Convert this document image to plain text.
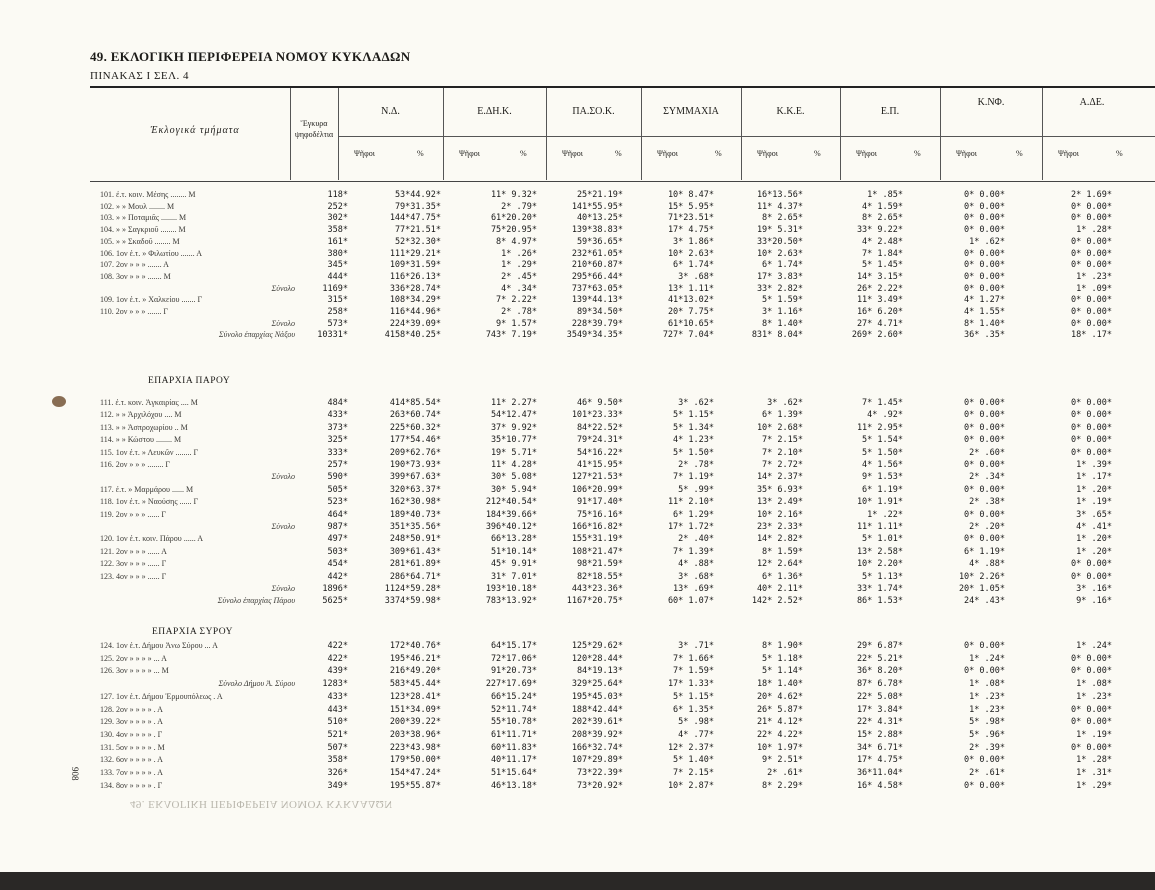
49. ΕΚΛΟΓΙΚΗ ΠΕΡΙΦΕΡΕΙΑ ΝΟΜΟΥ ΚΥΚΛΑΔΩΝ
ΠΙΝΑΚΑΣ Ι ΣΕΛ. 4
Ἐκλογικά τμήματα
Ἔγκυρα ψηφοδέλτια
Ν.Δ.	Ε.ΔΗ.Κ.	ΠΑ.ΣΟ.Κ.	ΣΥΜΜΑΧΙΑ	Κ.Κ.Ε.	Ε.Π.
Κ.ΝΦ.	Α.ΔΕ.
Ψῆφοι	%	Ψῆφοι	%	Ψῆφοι	%	Ψῆφοι	%	Ψῆφοι	%	Ψῆφοι	%	Ψῆφοι	%	Ψῆφοι	%
ΕΠΑΡΧΙΑ ΠΑΡΟΥ
ΕΠΑΡΧΙΑ ΣΥΡΟΥ
101. ἐ.τ. κοιν. Μέσης ........ Μ	118*	53*44.92*	11* 9.32*	25*21.19*	10* 8.47*	16*13.56*	1* .85*	0* 0.00*	2* 1.69*
102. » » Μουλ ........ Μ	252*	79*31.35*	2* .79*	141*55.95*	15* 5.95*	11* 4.37*	4* 1.59*	0* 0.00*	0* 0.00*
103. » » Ποταμιᾶς ........ Μ	302*	144*47.75*	61*20.20*	40*13.25*	71*23.51*	8* 2.65*	8* 2.65*	0* 0.00*	0* 0.00*
104. » » Σαγκριοῦ ........ Μ	358*	77*21.51*	75*20.95*	139*38.83*	17* 4.75*	19* 5.31*	33* 9.22*	0* 0.00*	1* .28*
105. » » Σκαδοῦ ........ Μ	161*	52*32.30*	8* 4.97*	59*36.65*	3* 1.86*	33*20.50*	4* 2.48*	1* .62*	0* 0.00*
106. 1ον ἐ.τ. » Φιλωτίου ....... Α	380*	111*29.21*	1* .26*	232*61.05*	10* 2.63*	10* 2.63*	7* 1.84*	0* 0.00*	0* 0.00*
107. 2ον » » » ....... Α	345*	109*31.59*	1* .29*	210*60.87*	6* 1.74*	6* 1.74*	5* 1.45*	0* 0.00*	0* 0.00*
108. 3ον » » » ....... Μ	444*	116*26.13*	2* .45*	295*66.44*	3* .68*	17* 3.83*	14* 3.15*	0* 0.00*	1* .23*
Σύνολο	1169*	336*28.74*	4* .34*	737*63.05*	13* 1.11*	33* 2.82*	26* 2.22*	0* 0.00*	1* .09*
109. 1ον ἐ.τ. » Χαλκείου ....... Γ	315*	108*34.29*	7* 2.22*	139*44.13*	41*13.02*	5* 1.59*	11* 3.49*	4* 1.27*	0* 0.00*
110. 2ον » » » ....... Γ	258*	116*44.96*	2* .78*	89*34.50*	20* 7.75*	3* 1.16*	16* 6.20*	4* 1.55*	0* 0.00*
Σύνολο	573*	224*39.09*	9* 1.57*	228*39.79*	61*10.65*	8* 1.40*	27* 4.71*	8* 1.40*	0* 0.00*
Σύνολο ἐπαρχίας Νάξου	10331*	4158*40.25*	743* 7.19*	3549*34.35*	727* 7.04*	831* 8.04*	269* 2.60*	36* .35*	18* .17*
111. ἐ.τ. κοιν. Ἀγκαιρίας .... Μ	484*	414*85.54*	11* 2.27*	46* 9.50*	3* .62*	3* .62*	7* 1.45*	0* 0.00*	0* 0.00*
112. » » Ἀρχιλόχου .... Μ	433*	263*60.74*	54*12.47*	101*23.33*	5* 1.15*	6* 1.39*	4* .92*	0* 0.00*	0* 0.00*
113. » » Ἀσπροχωρίου .. Μ	373*	225*60.32*	37* 9.92*	84*22.52*	5* 1.34*	10* 2.68*	11* 2.95*	0* 0.00*	0* 0.00*
114. » » Κώστου ........ Μ	325*	177*54.46*	35*10.77*	79*24.31*	4* 1.23*	7* 2.15*	5* 1.54*	0* 0.00*	0* 0.00*
115. 1ον ἐ.τ. » Λευκῶν ........ Γ	333*	209*62.76*	19* 5.71*	54*16.22*	5* 1.50*	7* 2.10*	5* 1.50*	2* .60*	0* 0.00*
116. 2ον » » » ........ Γ	257*	190*73.93*	11* 4.28*	41*15.95*	2* .78*	7* 2.72*	4* 1.56*	0* 0.00*	1* .39*
Σύνολο	590*	399*67.63*	30* 5.08*	127*21.53*	7* 1.19*	14* 2.37*	9* 1.53*	2* .34*	1* .17*
117. ἐ.τ. » Μαρμάρου ...... Μ	505*	320*63.37*	30* 5.94*	106*20.99*	5* .99*	35* 6.93*	6* 1.19*	0* 0.00*	1* .20*
118. 1ον ἐ.τ. » Ναούσης ...... Γ	523*	162*30.98*	212*40.54*	91*17.40*	11* 2.10*	13* 2.49*	10* 1.91*	2* .38*	1* .19*
119. 2ον » » » ...... Γ	464*	189*40.73*	184*39.66*	75*16.16*	6* 1.29*	10* 2.16*	1* .22*	0* 0.00*	3* .65*
Σύνολο	987*	351*35.56*	396*40.12*	166*16.82*	17* 1.72*	23* 2.33*	11* 1.11*	2* .20*	4* .41*
120. 1ον ἐ.τ. κοιν. Πάρου ...... Α	497*	248*50.91*	66*13.28*	155*31.19*	2* .40*	14* 2.82*	5* 1.01*	0* 0.00*	1* .20*
121. 2ον » » » ...... Α	503*	309*61.43*	51*10.14*	108*21.47*	7* 1.39*	8* 1.59*	13* 2.58*	6* 1.19*	1* .20*
122. 3ον » » » ...... Γ	454*	281*61.89*	45* 9.91*	98*21.59*	4* .88*	12* 2.64*	10* 2.20*	4* .88*	0* 0.00*
123. 4ον » » » ...... Γ	442*	286*64.71*	31* 7.01*	82*18.55*	3* .68*	6* 1.36*	5* 1.13*	10* 2.26*	0* 0.00*
Σύνολο	1896*	1124*59.28*	193*10.18*	443*23.36*	13* .69*	40* 2.11*	33* 1.74*	20* 1.05*	3* .16*
Σύνολο ἐπαρχίας Πάρου	5625*	3374*59.98*	783*13.92*	1167*20.75*	60* 1.07*	142* 2.52*	86* 1.53*	24* .43*	9* .16*
124. 1ον ἐ.τ. Δήμου Ἀνω Σύρου ... Α	422*	172*40.76*	64*15.17*	125*29.62*	3* .71*	8* 1.90*	29* 6.87*	0* 0.00*	1* .24*
125. 2ον » » » » ... Α	422*	195*46.21*	72*17.06*	120*28.44*	7* 1.66*	5* 1.18*	22* 5.21*	1* .24*	0* 0.00*
126. 3ον » » » » ... Μ	439*	216*49.20*	91*20.73*	84*19.13*	7* 1.59*	5* 1.14*	36* 8.20*	0* 0.00*	0* 0.00*
Σύνολο Δήμου Ἀ. Σύρου	1283*	583*45.44*	227*17.69*	329*25.64*	17* 1.33*	18* 1.40*	87* 6.78*	1* .08*	1* .08*
127. 1ον ἐ.τ. Δήμου Ἐρμουπόλεως . Α	433*	123*28.41*	66*15.24*	195*45.03*	5* 1.15*	20* 4.62*	22* 5.08*	1* .23*	1* .23*
128. 2ον » » » » . Α	443*	151*34.09*	52*11.74*	188*42.44*	6* 1.35*	26* 5.87*	17* 3.84*	1* .23*	0* 0.00*
129. 3ον » » » » . Α	510*	200*39.22*	55*10.78*	202*39.61*	5* .98*	21* 4.12*	22* 4.31*	5* .98*	0* 0.00*
130. 4ον » » » » . Γ	521*	203*38.96*	61*11.71*	208*39.92*	4* .77*	22* 4.22*	15* 2.88*	5* .96*	1* .19*
131. 5ον » » » » . Μ	507*	223*43.98*	60*11.83*	166*32.74*	12* 2.37*	10* 1.97*	34* 6.71*	2* .39*	0* 0.00*
132. 6ον » » » » . Α	358*	179*50.00*	40*11.17*	107*29.89*	5* 1.40*	9* 2.51*	17* 4.75*	0* 0.00*	1* .28*
133. 7ον » » » » . Α	326*	154*47.24*	51*15.64*	73*22.39*	7* 2.15*	2* .61*	36*11.04*	2* .61*	1* .31*
134. 8ον » » » » . Γ	349*	195*55.87*	46*13.18*	73*20.92*	10* 2.87*	8* 2.29*	16* 4.58*	0* 0.00*	1* .29*
908
49. ΕΚΛΟΓΙΚΗ ΠΕΡΙΦΕΡΕΙΑ ΝΟΜΟΥ ΚΥΚΛΑΔΩΝ
